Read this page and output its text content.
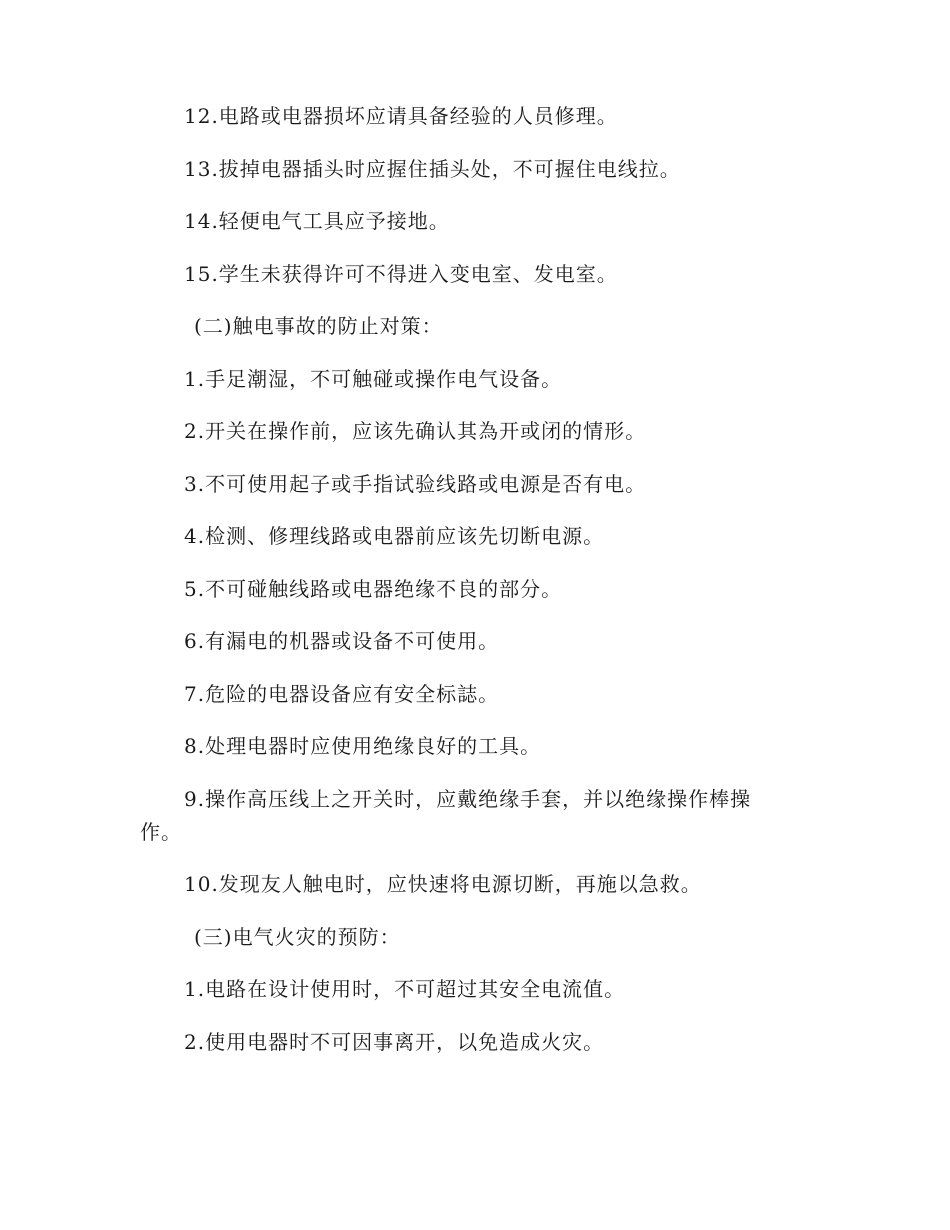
12.电路或电器损坏应请具备经验的人员修理。

13.拔掉电器插头时应握住插头处，不可握住电线拉。

14.轻便电气工具应予接地。

15.学生未获得许可不得进入变电室、发电室。

(二)触电事故的防止对策：

1.手足潮湿，不可触碰或操作电气设备。

2.开关在操作前，应该先确认其為开或闭的情形。

3.不可使用起子或手指试验线路或电源是否有电。

4.检测、修理线路或电器前应该先切断电源。

5.不可碰触线路或电器绝缘不良的部分。

6.有漏电的机器或设备不可使用。

7.危险的电器设备应有安全标誌。

8.处理电器时应使用绝缘良好的工具。

9.操作高压线上之开关时，应戴绝缘手套，并以绝缘操作棒操作。

10.发现友人触电时，应快速将电源切断，再施以急救。

(三)电气火灾的预防：

1.电路在设计使用时，不可超过其安全电流值。

2.使用电器时不可因事离开，以免造成火灾。
